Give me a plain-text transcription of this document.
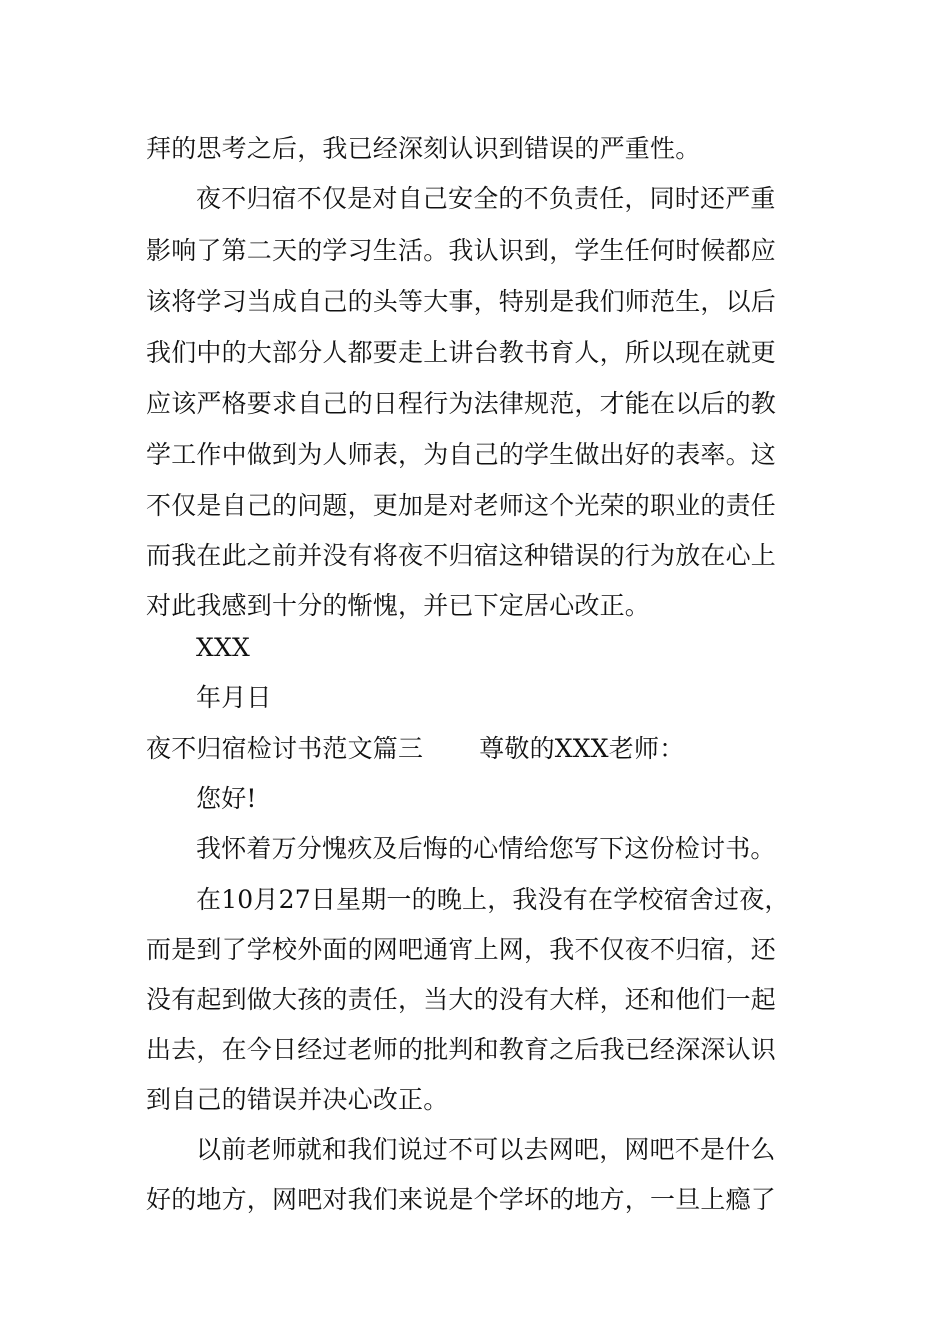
拜的思考之后，我已经深刻认识到错误的严重性。
夜不归宿不仅是对自己安全的不负责任，同时还严重
影响了第二天的学习生活。我认识到，学生任何时候都应
该将学习当成自己的头等大事，特别是我们师范生，以后
我们中的大部分人都要走上讲台教书育人，所以现在就更
应该严格要求自己的日程行为法律规范，才能在以后的教
学工作中做到为人师表，为自己的学生做出好的表率。这
不仅是自己的问题，更加是对老师这个光荣的职业的责任
而我在此之前并没有将夜不归宿这种错误的行为放在心上
对此我感到十分的惭愧，并已下定居心改正。
XXX
年月日
夜不归宿检讨书范文篇三 尊敬的XXX老师：
您好!
我怀着万分愧疚及后悔的心情给您写下这份检讨书。
在10月27日星期一的晚上，我没有在学校宿舍过夜，
而是到了学校外面的网吧通宵上网，我不仅夜不归宿，还
没有起到做大孩的责任，当大的没有大样，还和他们一起
出去，在今日经过老师的批判和教育之后我已经深深认识
到自己的错误并决心改正。
以前老师就和我们说过不可以去网吧，网吧不是什么
好的地方，网吧对我们来说是个学坏的地方，一旦上瘾了
